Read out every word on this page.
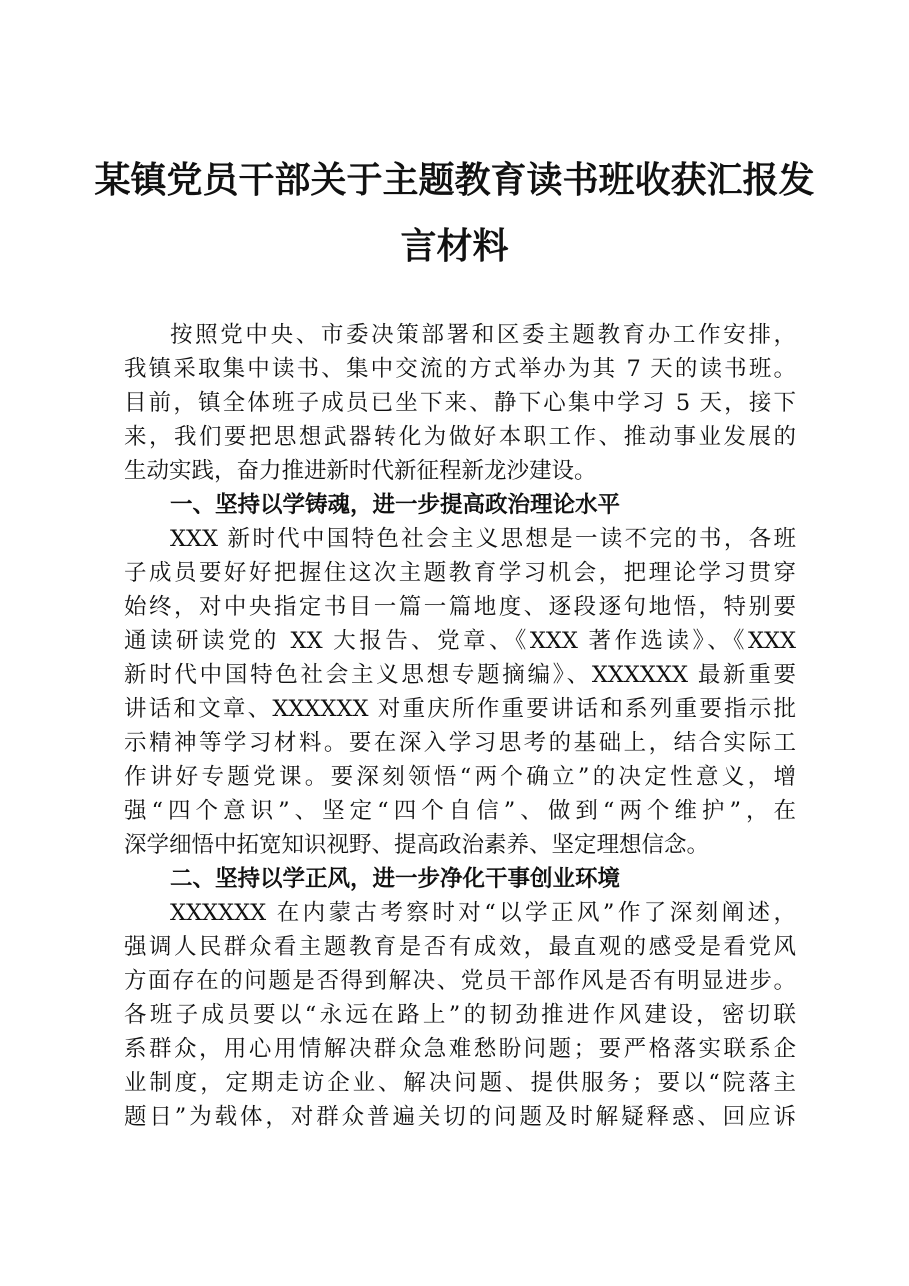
某镇党员干部关于主题教育读书班收获汇报发
言材料
按照党中央、市委决策部署和区委主题教育办工作安排，
我镇采取集中读书、集中交流的方式举办为其 7 天的读书班。
目前，镇全体班子成员已坐下来、静下心集中学习 5 天，接下
来，我们要把思想武器转化为做好本职工作、推动事业发展的
生动实践，奋力推进新时代新征程新龙沙建设。
一、坚持以学铸魂，进一步提高政治理论水平
XXX 新时代中国特色社会主义思想是一读不完的书，各班
子成员要好好把握住这次主题教育学习机会，把理论学习贯穿
始终，对中央指定书目一篇一篇地度、逐段逐句地悟，特别要
通读研读党的 XX 大报告、党章、《XXX 著作选读》、《XXX
新时代中国特色社会主义思想专题摘编》、XXXXXX 最新重要
讲话和文章、XXXXXX 对重庆所作重要讲话和系列重要指示批
示精神等学习材料。要在深入学习思考的基础上，结合实际工
作讲好专题党课。要深刻领悟“两个确立”的决定性意义，增
强“四个意识”、坚定“四个自信”、做到“两个维护”，在
深学细悟中拓宽知识视野、提高政治素养、坚定理想信念。
二、坚持以学正风，进一步净化干事创业环境
XXXXXX 在内蒙古考察时对“以学正风”作了深刻阐述，
强调人民群众看主题教育是否有成效，最直观的感受是看党风
方面存在的问题是否得到解决、党员干部作风是否有明显进步。
各班子成员要以“永远在路上”的韧劲推进作风建设，密切联
系群众，用心用情解决群众急难愁盼问题；要严格落实联系企
业制度，定期走访企业、解决问题、提供服务；要以“院落主
题日”为载体，对群众普遍关切的问题及时解疑释惑、回应诉
